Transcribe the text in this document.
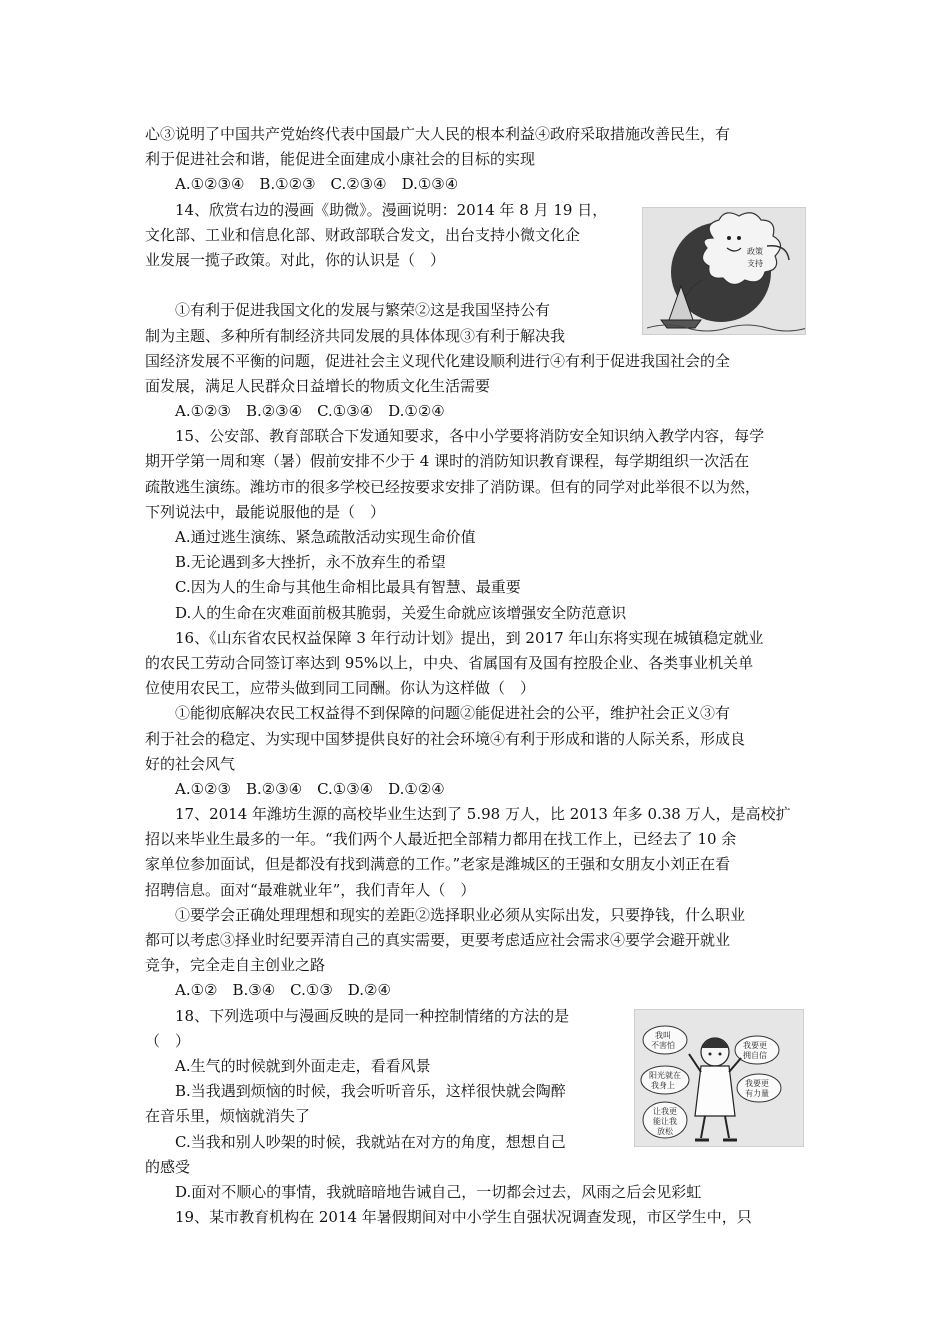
心③说明了中国共产党始终代表中国最广大人民的根本利益④政府采取措施改善民生，有
利于促进社会和谐，能促进全面建成小康社会的目标的实现
A.①②③④　B.①②③　C.②③④　D.①③④
14、欣赏右边的漫画《助微》。漫画说明：2014 年 8 月 19 日，
文化部、工业和信息化部、财政部联合发文，出台支持小微文化企
业发展一揽子政策。对此，你的认识是（　）
①有利于促进我国文化的发展与繁荣②这是我国坚持公有
制为主题、多种所有制经济共同发展的具体体现③有利于解决我
国经济发展不平衡的问题，促进社会主义现代化建设顺利进行④有利于促进我国社会的全
面发展，满足人民群众日益增长的物质文化生活需要
A.①②③　B.②③④　C.①③④　D.①②④
15、公安部、教育部联合下发通知要求，各中小学要将消防安全知识纳入教学内容，每学
期开学第一周和寒（暑）假前安排不少于 4 课时的消防知识教育课程，每学期组织一次活在
疏散逃生演练。潍坊市的很多学校已经按要求安排了消防课。但有的同学对此举很不以为然，
下列说法中，最能说服他的是（　）
A.通过逃生演练、紧急疏散活动实现生命价值
B.无论遇到多大挫折，永不放弃生的希望
C.因为人的生命与其他生命相比最具有智慧、最重要
D.人的生命在灾难面前极其脆弱，关爱生命就应该增强安全防范意识
16、《山东省农民权益保障 3 年行动计划》提出，到 2017 年山东将实现在城镇稳定就业
的农民工劳动合同签订率达到 95%以上，中央、省属国有及国有控股企业、各类事业机关单
位使用农民工，应带头做到同工同酬。你认为这样做（　）
①能彻底解决农民工权益得不到保障的问题②能促进社会的公平，维护社会正义③有
利于社会的稳定、为实现中国梦提供良好的社会环境④有利于形成和谐的人际关系，形成良
好的社会风气
A.①②③　B.②③④　C.①③④　D.①②④
17、2014 年潍坊生源的高校毕业生达到了 5.98 万人，比 2013 年多 0.38 万人，是高校扩
招以来毕业生最多的一年。“我们两个人最近把全部精力都用在找工作上，已经去了 10 余
家单位参加面试，但是都没有找到满意的工作。”老家是潍城区的王强和女朋友小刘正在看
招聘信息。面对“最难就业年”，我们青年人（　）
①要学会正确处理理想和现实的差距②选择职业必须从实际出发，只要挣钱，什么职业
都可以考虑③择业时纪要弄清自己的真实需要，更要考虑适应社会需求④要学会避开就业
竞争，完全走自主创业之路
A.①②　B.③④　C.①③　D.②④
18、下列选项中与漫画反映的是同一种控制情绪的方法的是
（　）
A.生气的时候就到外面走走，看看风景
B.当我遇到烦恼的时候，我会听听音乐，这样很快就会陶醉
在音乐里，烦恼就消失了
C.当我和别人吵架的时候，我就站在对方的角度，想想自己
的感受
D.面对不顺心的事情，我就暗暗地告诫自己，一切都会过去，风雨之后会见彩虹
19、某市教育机构在 2014 年暑假期间对中小学生自强状况调查发现，市区学生中，只
政策
支持
我叫
不害怕	我要更
拥自信
阳光就在
我身上	我要更
有力量
让我更
能让我
放松
